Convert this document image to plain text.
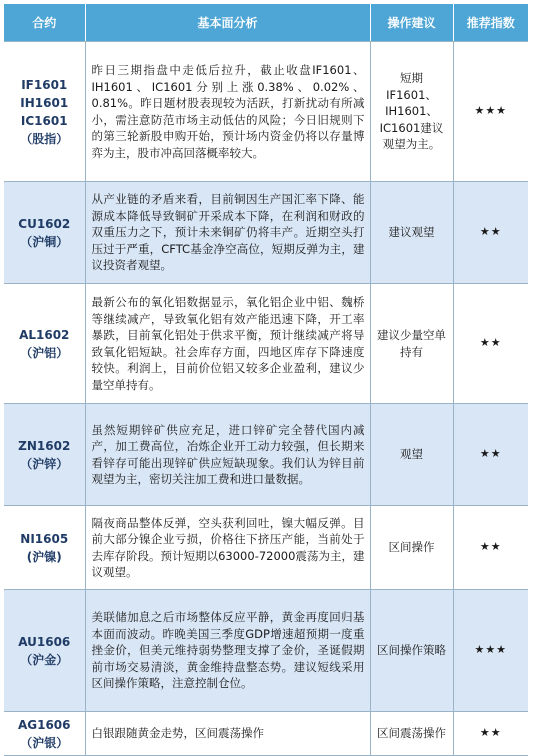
合约	基本面分析	操作建议	推荐指数

IF1601
IH1601
IC1601
（股指）	昨日三期指盘中走低后拉升，截止收盘IF1601、IH1601、IC1601分别上涨0.38%、0.02%、0.81%。昨日题材股表现较为活跃，打新扰动有所减小，需注意防范市场主动低估的风险；今日旧规则下的第三轮新股申购开始，预计场内资金仍将以存量博弈为主，股市冲高回落概率较大。	短期IF1601、IH1601、IC1601建议观望为主。	★★★

CU1602
（沪铜）	从产业链的矛盾来看，目前铜因生产国汇率下降、能源成本降低导致铜矿开采成本下降，在利润和财政的双重压力之下，预计未来铜矿仍将丰产。近期空头打压过于严重，CFTC基金净空高位，短期反弹为主，建议投资者观望。	建议观望	★★

AL1602
（沪铝）	最新公布的氧化铝数据显示，氧化铝企业中铝、魏桥等继续减产，导致氧化铝有效产能迅速下降，开工率暴跌，目前氧化铝处于供求平衡，预计继续减产将导致氧化铝短缺。社会库存方面，四地区库存下降速度较快。利润上，目前价位铝又较多企业盈利，建议少量空单持有。	建议少量空单持有	★★

ZN1602
（沪锌）	虽然短期锌矿供应充足，进口锌矿完全替代国内减产，加工费高位，冶炼企业开工动力较强，但长期来看锌存可能出现锌矿供应短缺现象。我们认为锌目前观望为主，密切关注加工费和进口量数据。	观望	★★

NI1605
(沪镍)	隔夜商品整体反弹，空头获利回吐，镍大幅反弹。目前大部分镍企业亏损，价格往下挤压产能，当前处于去库存阶段。预计短期以63000-72000震荡为主，建议观望。	区间操作	★★

AU1606
（沪金）	美联储加息之后市场整体反应平静，黄金再度回归基本面而波动。昨晚美国三季度GDP增速超预期一度重挫金价，但美元维持弱势整理支撑了金价，圣诞假期前市场交易清淡，黄金维持盘整态势。建议短线采用区间操作策略，注意控制仓位。	区间操作策略	★★★

AG1606
（沪银）	白银跟随黄金走势，区间震荡操作	区间震荡操作	★★
